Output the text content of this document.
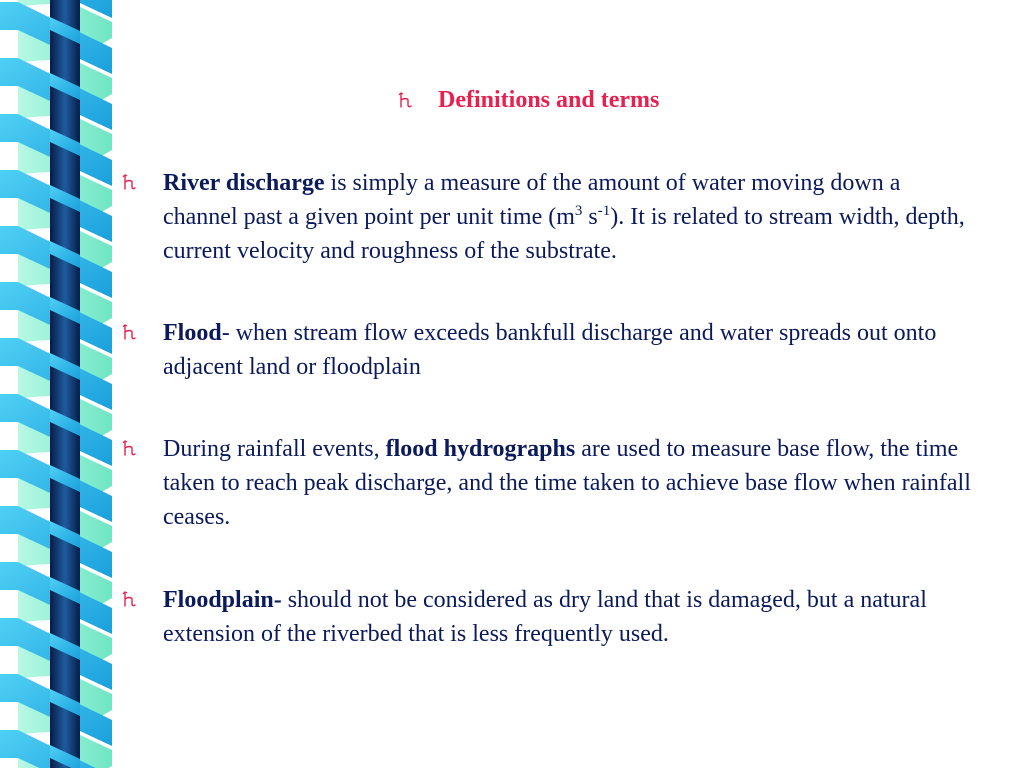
Definitions and terms

River discharge is simply a measure of the amount of water moving down a channel past a given point per unit time ($m^3$ $s^{-1}$). It is related to stream width, depth, current velocity and roughness of the substrate.

Flood- when stream flow exceeds bankfull discharge and water spreads out onto adjacent land or floodplain

During rainfall events, flood hydrographs are used to measure base flow, the time taken to reach peak discharge, and the time taken to achieve base flow when rainfall ceases.

Floodplain- should not be considered as dry land that is damaged, but a natural extension of the riverbed that is less frequently used.
